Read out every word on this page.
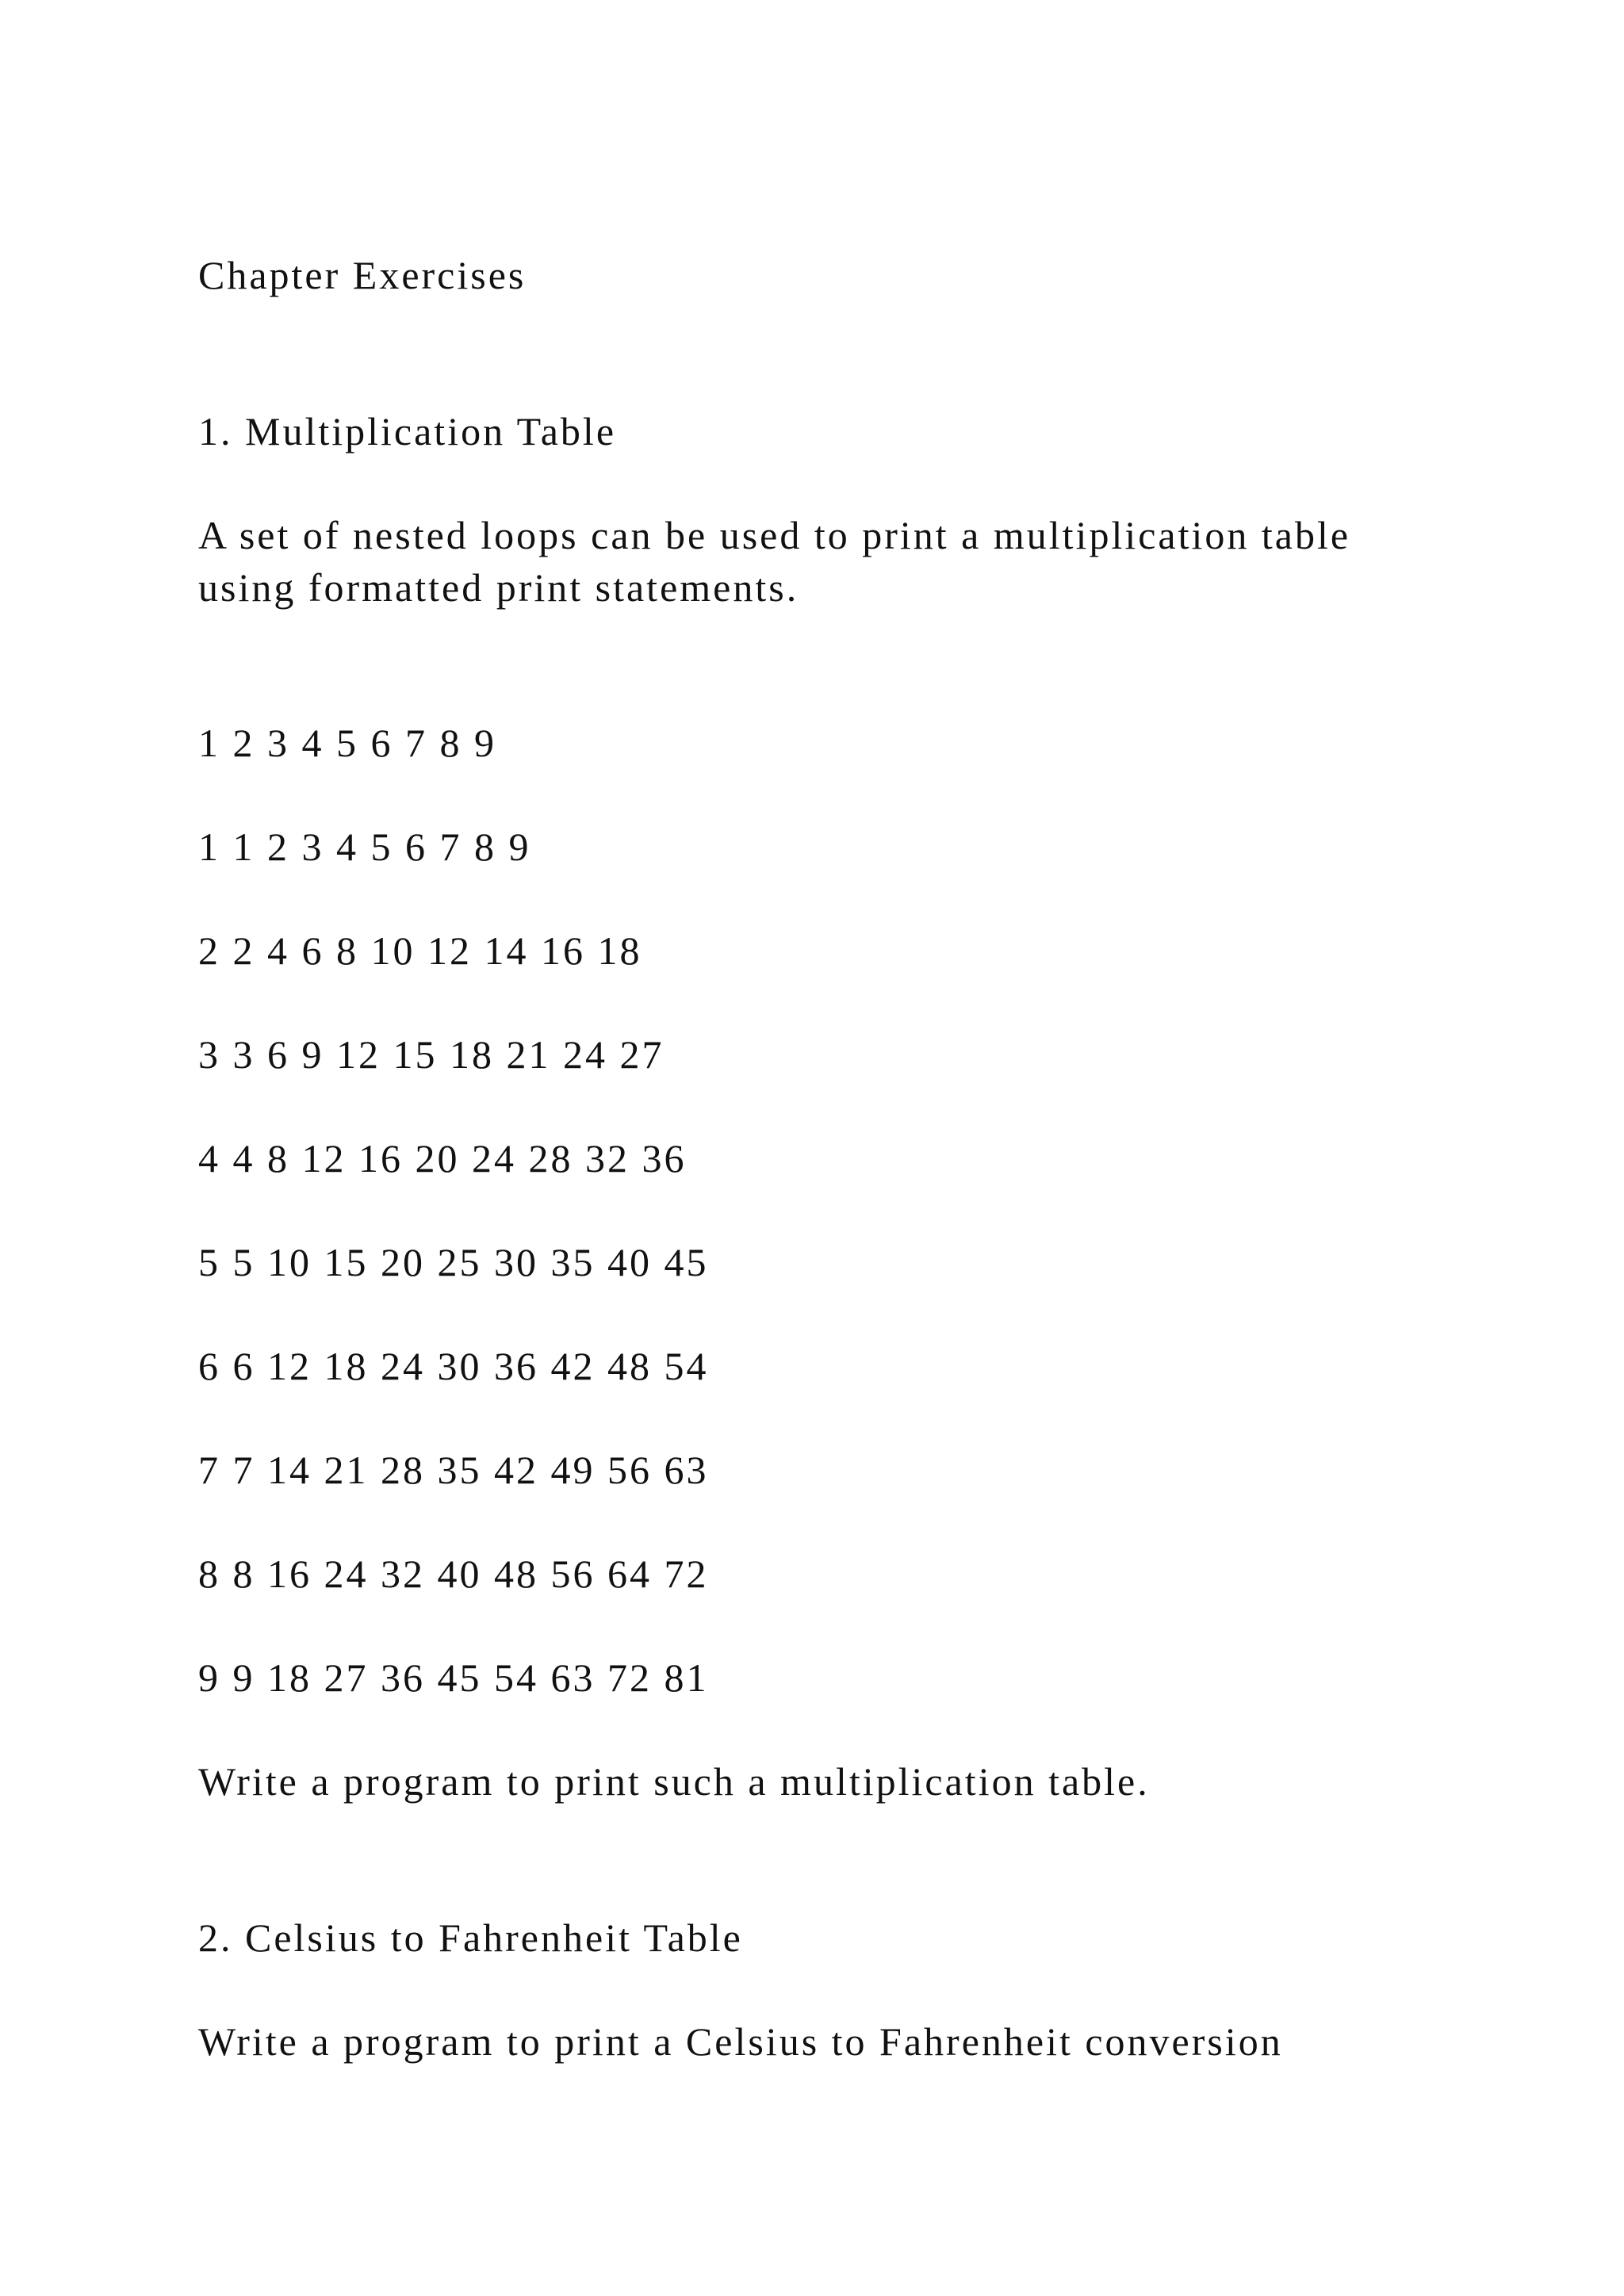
Chapter Exercises
1. Multiplication Table

A set of nested loops can be used to print a multiplication table

using formatted print statements.

1 2 3 4 5 6 7 8 9

1 1 2 3 4 5 6 7 8 9

2 2 4 6 8 10 12 14 16 18

3 3 6 9 12 15 18 21 24 27

4 4 8 12 16 20 24 28 32 36

5 5 10 15 20 25 30 35 40 45

6 6 12 18 24 30 36 42 48 54

7 7 14 21 28 35 42 49 56 63

8 8 16 24 32 40 48 56 64 72

9 9 18 27 36 45 54 63 72 81

Write a program to print such a multiplication table.

2. Celsius to Fahrenheit Table

Write a program to print a Celsius to Fahrenheit conversion
